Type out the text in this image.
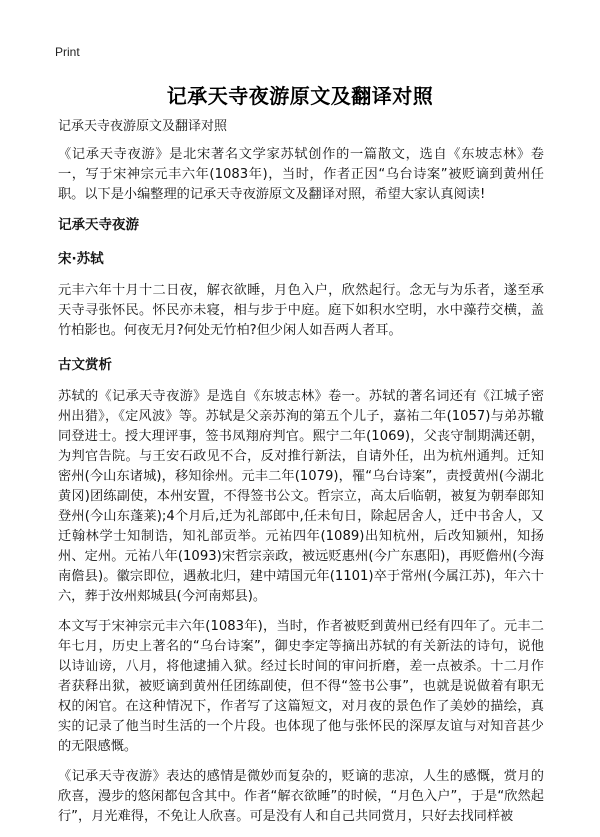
Print
记承天寺夜游原文及翻译对照
记承天寺夜游原文及翻译对照

《记承天寺夜游》是北宋著名文学家苏轼创作的一篇散文，选自《东坡志林》卷一，写于宋神宗元丰六年(1083年)，当时，作者正因“乌台诗案”被贬谪到黄州任职。以下是小编整理的记承天寺夜游原文及翻译对照，希望大家认真阅读!

记承天寺夜游
宋·苏轼

元丰六年十月十二日夜，解衣欲睡，月色入户，欣然起行。念无与为乐者，遂至承天寺寻张怀民。怀民亦未寝，相与步于中庭。庭下如积水空明，水中藻荇交横，盖竹柏影也。何夜无月?何处无竹柏?但少闲人如吾两人者耳。

古文赏析

苏轼的《记承天寺夜游》是选自《东坡志林》卷一。苏轼的著名词还有《江城子密州出猎》，《定风波》等。苏轼是父亲苏洵的第五个儿子，嘉祐二年(1057)与弟苏辙同登进士。授大理评事，签书凤翔府判官。熙宁二年(1069)，父丧守制期满还朝，为判官告院。与王安石政见不合，反对推行新法，自请外任，出为杭州通判。迁知密州(今山东诸城)，移知徐州。元丰二年(1079)，罹“乌台诗案”，责授黄州(今湖北黄冈)团练副使，本州安置，不得签书公文。哲宗立，高太后临朝，被复为朝奉郎知登州(今山东蓬莱);4个月后,迁为礼部郎中,任未旬日，除起居舍人，迁中书舍人，又迁翰林学士知制诰，知礼部贡举。元祐四年(1089)出知杭州，后改知颍州，知扬州、定州。元祐八年(1093)宋哲宗亲政，被远贬惠州(今广东惠阳)，再贬儋州(今海南儋县)。徽宗即位，遇赦北归，建中靖国元年(1101)卒于常州(今属江苏)，年六十六，葬于汝州郏城县(今河南郏县)。

本文写于宋神宗元丰六年(1083年)，当时，作者被贬到黄州已经有四年了。元丰二年七月，历史上著名的“乌台诗案”，御史李定等摘出苏轼的有关新法的诗句，说他以诗讪谤，八月，将他逮捕入狱。经过长时间的审问折磨，差一点被杀。十二月作者获释出狱，被贬谪到黄州任团练副使，但不得“签书公事”，也就是说做着有职无权的闲官。在这种情况下，作者写了这篇短文，对月夜的景色作了美妙的描绘，真实的记录了他当时生活的一个片段。也体现了他与张怀民的深厚友谊与对知音甚少的无限感慨。

《记承天寺夜游》表达的感情是微妙而复杂的，贬谪的悲凉，人生的感慨，赏月的欣喜，漫步的悠闲都包含其中。作者“解衣欲睡”的时候，“月色入户”，于是“欣然起行”，月光难得，不免让人欣喜。可是没有人和自己共同赏月，只好去找同样被
